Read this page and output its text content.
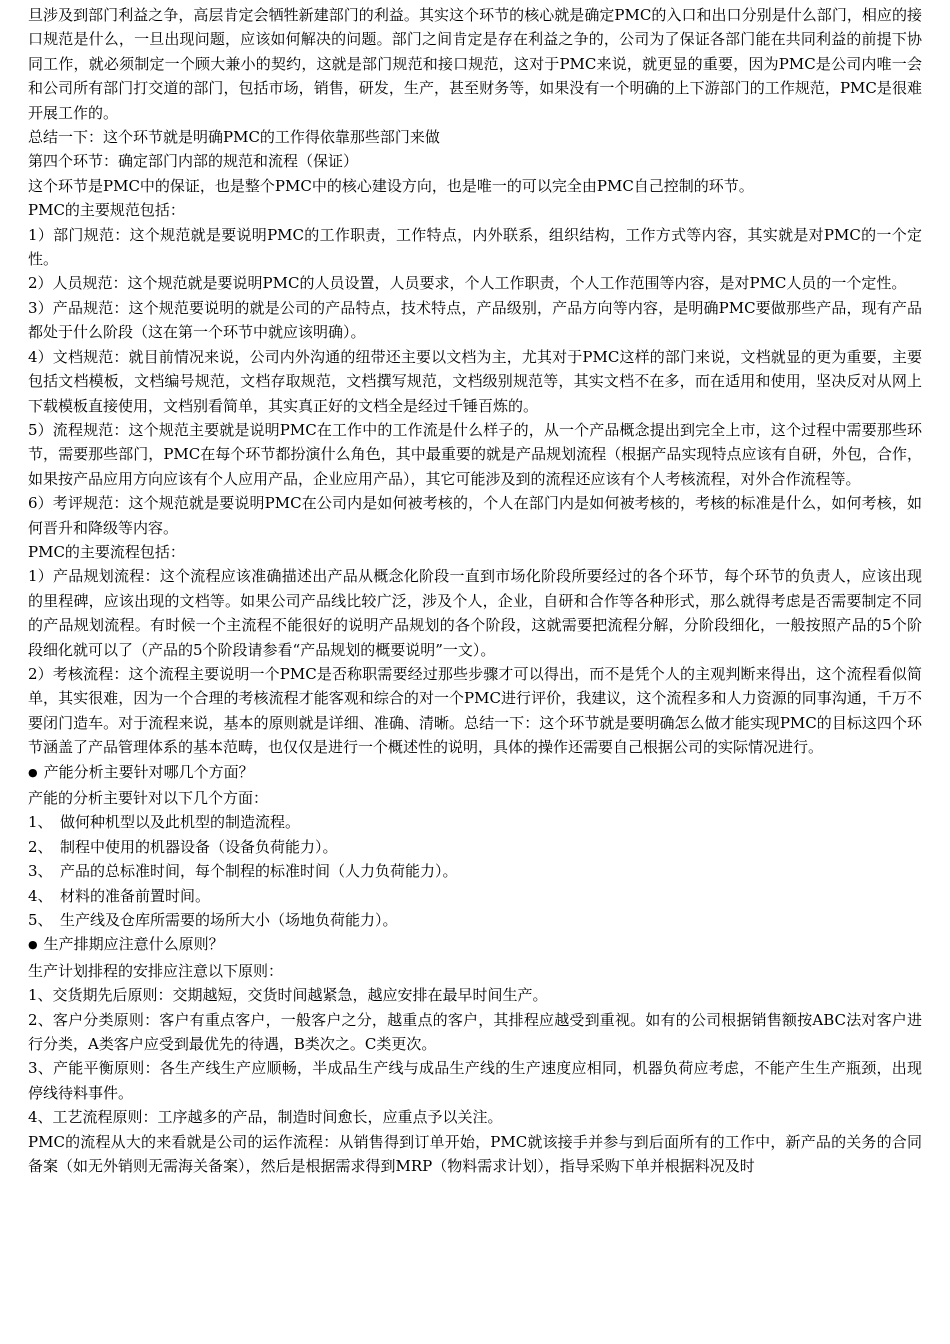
旦涉及到部门利益之争，高层肯定会牺牲新建部门的利益。其实这个环节的核心就是确定PMC的入口和出口分别是什么部门，相应的接口规范是什么，一旦出现问题，应该如何解决的问题。部门之间肯定是存在利益之争的，公司为了保证各部门能在共同利益的前提下协同工作，就必须制定一个顾大兼小的契约，这就是部门规范和接口规范，这对于PMC来说，就更显的重要，因为PMC是公司内唯一会和公司所有部门打交道的部门，包括市场，销售，研发，生产，甚至财务等，如果没有一个明确的上下游部门的工作规范，PMC是很难开展工作的。

总结一下：这个环节就是明确PMC的工作得依靠那些部门来做

第四个环节：确定部门内部的规范和流程（保证）

这个环节是PMC中的保证，也是整个PMC中的核心建设方向，也是唯一的可以完全由PMC自己控制的环节。

PMC的主要规范包括：

1）部门规范：这个规范就是要说明PMC的工作职责，工作特点，内外联系，组织结构，工作方式等内容，其实就是对PMC的一个定性。

2）人员规范：这个规范就是要说明PMC的人员设置，人员要求，个人工作职责，个人工作范围等内容，是对PMC人员的一个定性。

3）产品规范：这个规范要说明的就是公司的产品特点，技术特点，产品级别，产品方向等内容，是明确PMC要做那些产品，现有产品都处于什么阶段（这在第一个环节中就应该明确）。

4）文档规范：就目前情况来说，公司内外沟通的纽带还主要以文档为主，尤其对于PMC这样的部门来说，文档就显的更为重要，主要包括文档模板，文档编号规范，文档存取规范，文档撰写规范，文档级别规范等，其实文档不在多，而在适用和使用，坚决反对从网上下载模板直接使用，文档别看简单，其实真正好的文档全是经过千锤百炼的。

5）流程规范：这个规范主要就是说明PMC在工作中的工作流是什么样子的，从一个产品概念提出到完全上市，这个过程中需要那些环节，需要那些部门，PMC在每个环节都扮演什么角色，其中最重要的就是产品规划流程（根据产品实现特点应该有自研，外包，合作，如果按产品应用方向应该有个人应用产品，企业应用产品），其它可能涉及到的流程还应该有个人考核流程，对外合作流程等。

6）考评规范：这个规范就是要说明PMC在公司内是如何被考核的，个人在部门内是如何被考核的，考核的标准是什么，如何考核，如何晋升和降级等内容。

PMC的主要流程包括：

1）产品规划流程：这个流程应该准确描述出产品从概念化阶段一直到市场化阶段所要经过的各个环节，每个环节的负责人，应该出现的里程碑，应该出现的文档等。如果公司产品线比较广泛，涉及个人，企业，自研和合作等各种形式，那么就得考虑是否需要制定不同的产品规划流程。有时候一个主流程不能很好的说明产品规划的各个阶段，这就需要把流程分解，分阶段细化，一般按照产品的5个阶段细化就可以了（产品的5个阶段请参看“产品规划的概要说明”一文）。

2）考核流程：这个流程主要说明一个PMC是否称职需要经过那些步骤才可以得出，而不是凭个人的主观判断来得出，这个流程看似简单，其实很难，因为一个合理的考核流程才能客观和综合的对一个PMC进行评价，我建议，这个流程多和人力资源的同事沟通，千万不要闭门造车。对于流程来说，基本的原则就是详细、准确、清晰。总结一下：这个环节就是要明确怎么做才能实现PMC的目标这四个环节涵盖了产品管理体系的基本范畴，也仅仅是进行一个概述性的说明，具体的操作还需要自己根据公司的实际情况进行。

● 产能分析主要针对哪几个方面？

产能的分析主要针对以下几个方面：

1、　做何种机型以及此机型的制造流程。

2、　制程中使用的机器设备（设备负荷能力）。

3、　产品的总标准时间，每个制程的标准时间（人力负荷能力）。

4、　材料的准备前置时间。

5、　生产线及仓库所需要的场所大小（场地负荷能力）。

● 生产排期应注意什么原则？

生产计划排程的安排应注意以下原则：

1、交货期先后原则：交期越短，交货时间越紧急，越应安排在最早时间生产。

2、客户分类原则：客户有重点客户，一般客户之分，越重点的客户，其排程应越受到重视。如有的公司根据销售额按ABC法对客户进行分类，A类客户应受到最优先的待遇，B类次之。C类更次。

3、产能平衡原则：各生产线生产应顺畅，半成品生产线与成品生产线的生产速度应相同，机器负荷应考虑，不能产生生产瓶颈，出现停线待料事件。

4、工艺流程原则：工序越多的产品，制造时间愈长，应重点予以关注。

PMC的流程从大的来看就是公司的运作流程：从销售得到订单开始，PMC就该接手并参与到后面所有的工作中，新产品的关务的合同备案（如无外销则无需海关备案），然后是根据需求得到MRP（物料需求计划），指导采购下单并根据料况及时
